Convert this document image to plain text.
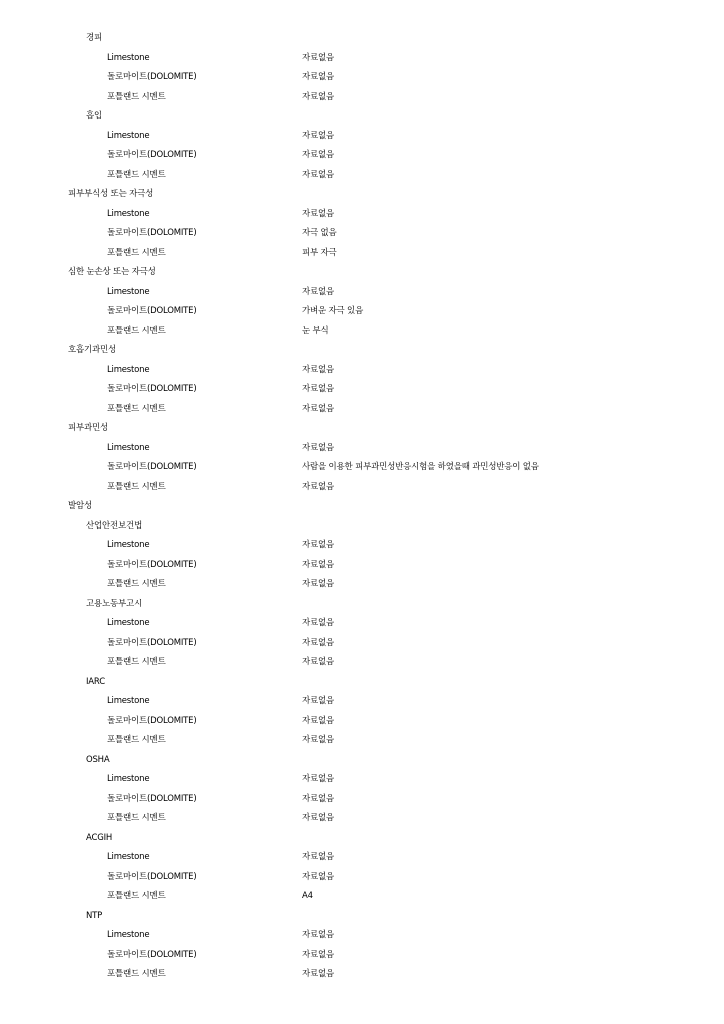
경피
Limestone	자료없음
돌로마이트(DOLOMITE)	자료없음
포틀랜드 시멘트	자료없음
흡입
Limestone	자료없음
돌로마이트(DOLOMITE)	자료없음
포틀랜드 시멘트	자료없음
피부부식성 또는 자극성
Limestone	자료없음
돌로마이트(DOLOMITE)	자극 없음
포틀랜드 시멘트	피부 자극
심한 눈손상 또는 자극성
Limestone	자료없음
돌로마이트(DOLOMITE)	가벼운 자극 있음
포틀랜드 시멘트	눈 부식
호흡기과민성
Limestone	자료없음
돌로마이트(DOLOMITE)	자료없음
포틀랜드 시멘트	자료없음
피부과민성
Limestone	자료없음
돌로마이트(DOLOMITE)	사람을 이용한 피부과민성반응시험을 하였을때 과민성반응이 없음
포틀랜드 시멘트	자료없음
발암성
산업안전보건법
Limestone	자료없음
돌로마이트(DOLOMITE)	자료없음
포틀랜드 시멘트	자료없음
고용노동부고시
Limestone	자료없음
돌로마이트(DOLOMITE)	자료없음
포틀랜드 시멘트	자료없음
IARC
Limestone	자료없음
돌로마이트(DOLOMITE)	자료없음
포틀랜드 시멘트	자료없음
OSHA
Limestone	자료없음
돌로마이트(DOLOMITE)	자료없음
포틀랜드 시멘트	자료없음
ACGIH
Limestone	자료없음
돌로마이트(DOLOMITE)	자료없음
포틀랜드 시멘트	A4
NTP
Limestone	자료없음
돌로마이트(DOLOMITE)	자료없음
포틀랜드 시멘트	자료없음
